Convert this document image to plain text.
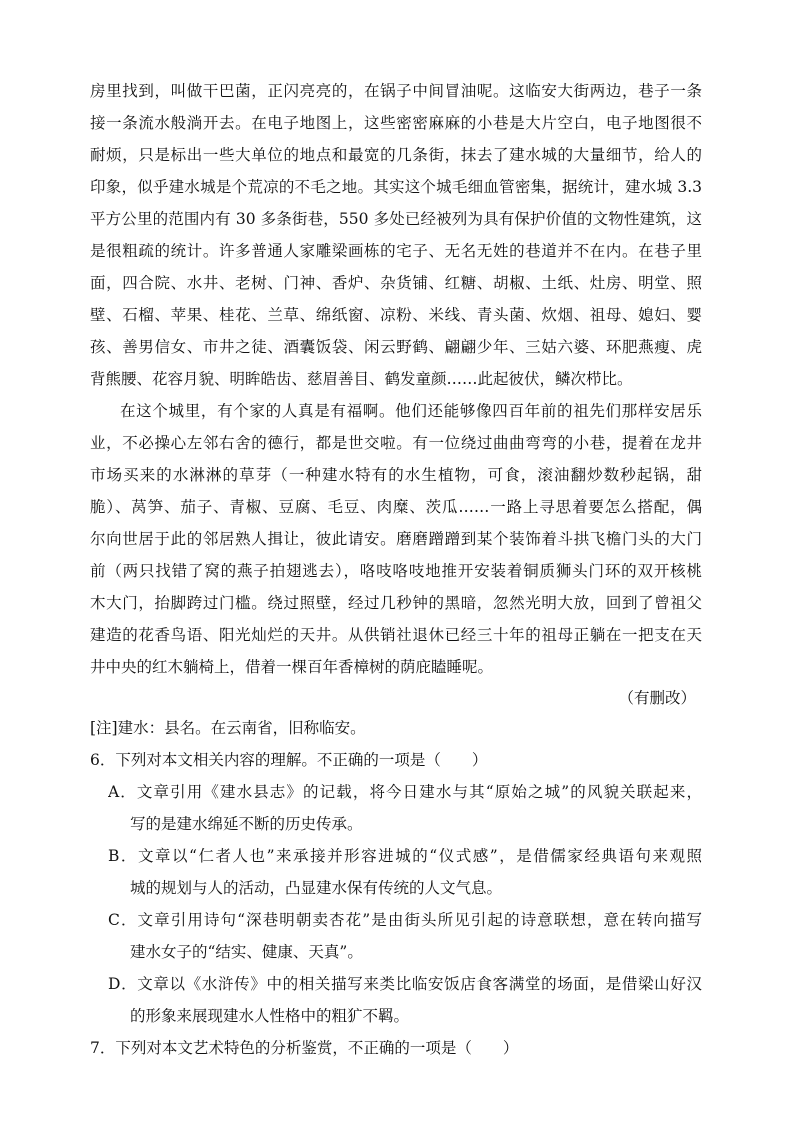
房里找到，叫做干巴菌，正闪亮亮的，在锅子中间冒油呢。这临安大街两边，巷子一条
接一条流水般淌开去。在电子地图上，这些密密麻麻的小巷是大片空白，电子地图很不
耐烦，只是标出一些大单位的地点和最宽的几条街，抹去了建水城的大量细节，给人的
印象，似乎建水城是个荒凉的不毛之地。其实这个城毛细血管密集，据统计，建水城 3.3
平方公里的范围内有 30 多条街巷，550 多处已经被列为具有保护价值的文物性建筑，这
是很粗疏的统计。许多普通人家雕梁画栋的宅子、无名无姓的巷道并不在内。在巷子里
面，四合院、水井、老树、门神、香炉、杂货铺、红糖、胡椒、土纸、灶房、明堂、照
壁、石榴、苹果、桂花、兰草、绵纸窗、凉粉、米线、青头菌、炊烟、祖母、媳妇、婴
孩、善男信女、市井之徒、酒囊饭袋、闲云野鹤、翩翩少年、三姑六婆、环肥燕瘦、虎
背熊腰、花容月貌、明眸皓齿、慈眉善目、鹤发童颜……此起彼伏，鳞次栉比。
在这个城里，有个家的人真是有福啊。他们还能够像四百年前的祖先们那样安居乐
业，不必操心左邻右舍的德行，都是世交啦。有一位绕过曲曲弯弯的小巷，提着在龙井
市场买来的水淋淋的草芽（一种建水特有的水生植物，可食，滚油翻炒数秒起锅，甜
脆）、莴笋、茄子、青椒、豆腐、毛豆、肉糜、茨瓜……一路上寻思着要怎么搭配，偶
尔向世居于此的邻居熟人揖让，彼此请安。磨磨蹭蹭到某个装饰着斗拱飞檐门头的大门
前（两只找错了窝的燕子拍翅逃去），咯吱咯吱地推开安装着铜质狮头门环的双开核桃
木大门，抬脚跨过门槛。绕过照壁，经过几秒钟的黑暗，忽然光明大放，回到了曾祖父
建造的花香鸟语、阳光灿烂的天井。从供销社退休已经三十年的祖母正躺在一把支在天
井中央的红木躺椅上，借着一棵百年香樟树的荫庇瞌睡呢。
（有删改）
[注]建水：县名。在云南省，旧称临安。
6．下列对本文相关内容的理解。不正确的一项是（　　）
A．文章引用《建水县志》的记载，将今日建水与其“原始之城”的风貌关联起来，
写的是建水绵延不断的历史传承。
B．文章以“仁者人也”来承接并形容进城的“仪式感”，是借儒家经典语句来观照
城的规划与人的活动，凸显建水保有传统的人文气息。
C．文章引用诗句“深巷明朝卖杏花”是由街头所见引起的诗意联想，意在转向描写
建水女子的“结实、健康、天真”。
D．文章以《水浒传》中的相关描写来类比临安饭店食客满堂的场面，是借梁山好汉
的形象来展现建水人性格中的粗犷不羁。
7．下列对本文艺术特色的分析鉴赏，不正确的一项是（　　）
